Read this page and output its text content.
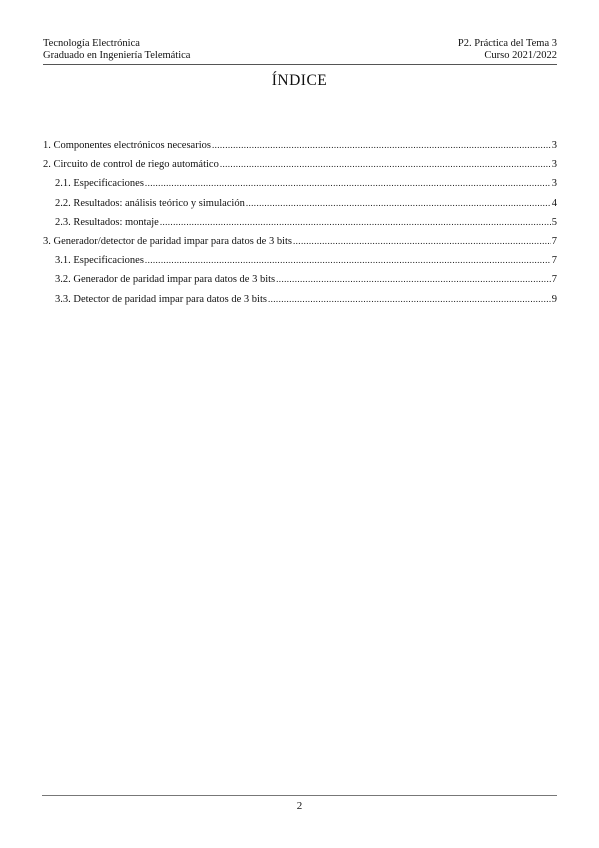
Tecnología Electrónica
Graduado en Ingeniería Telemática
P2. Práctica del Tema 3
Curso 2021/2022
ÍNDICE
1. Componentes electrónicos necesarios .....	3
2. Circuito de control de riego automático .....	3
2.1. Especificaciones .....	3
2.2. Resultados: análisis teórico y simulación .....	4
2.3. Resultados: montaje .....	5
3. Generador/detector de paridad impar para datos de 3 bits .....	7
3.1. Especificaciones .....	7
3.2. Generador de paridad impar para datos de 3 bits .....	7
3.3. Detector de paridad impar para datos de 3 bits .....	9
2
